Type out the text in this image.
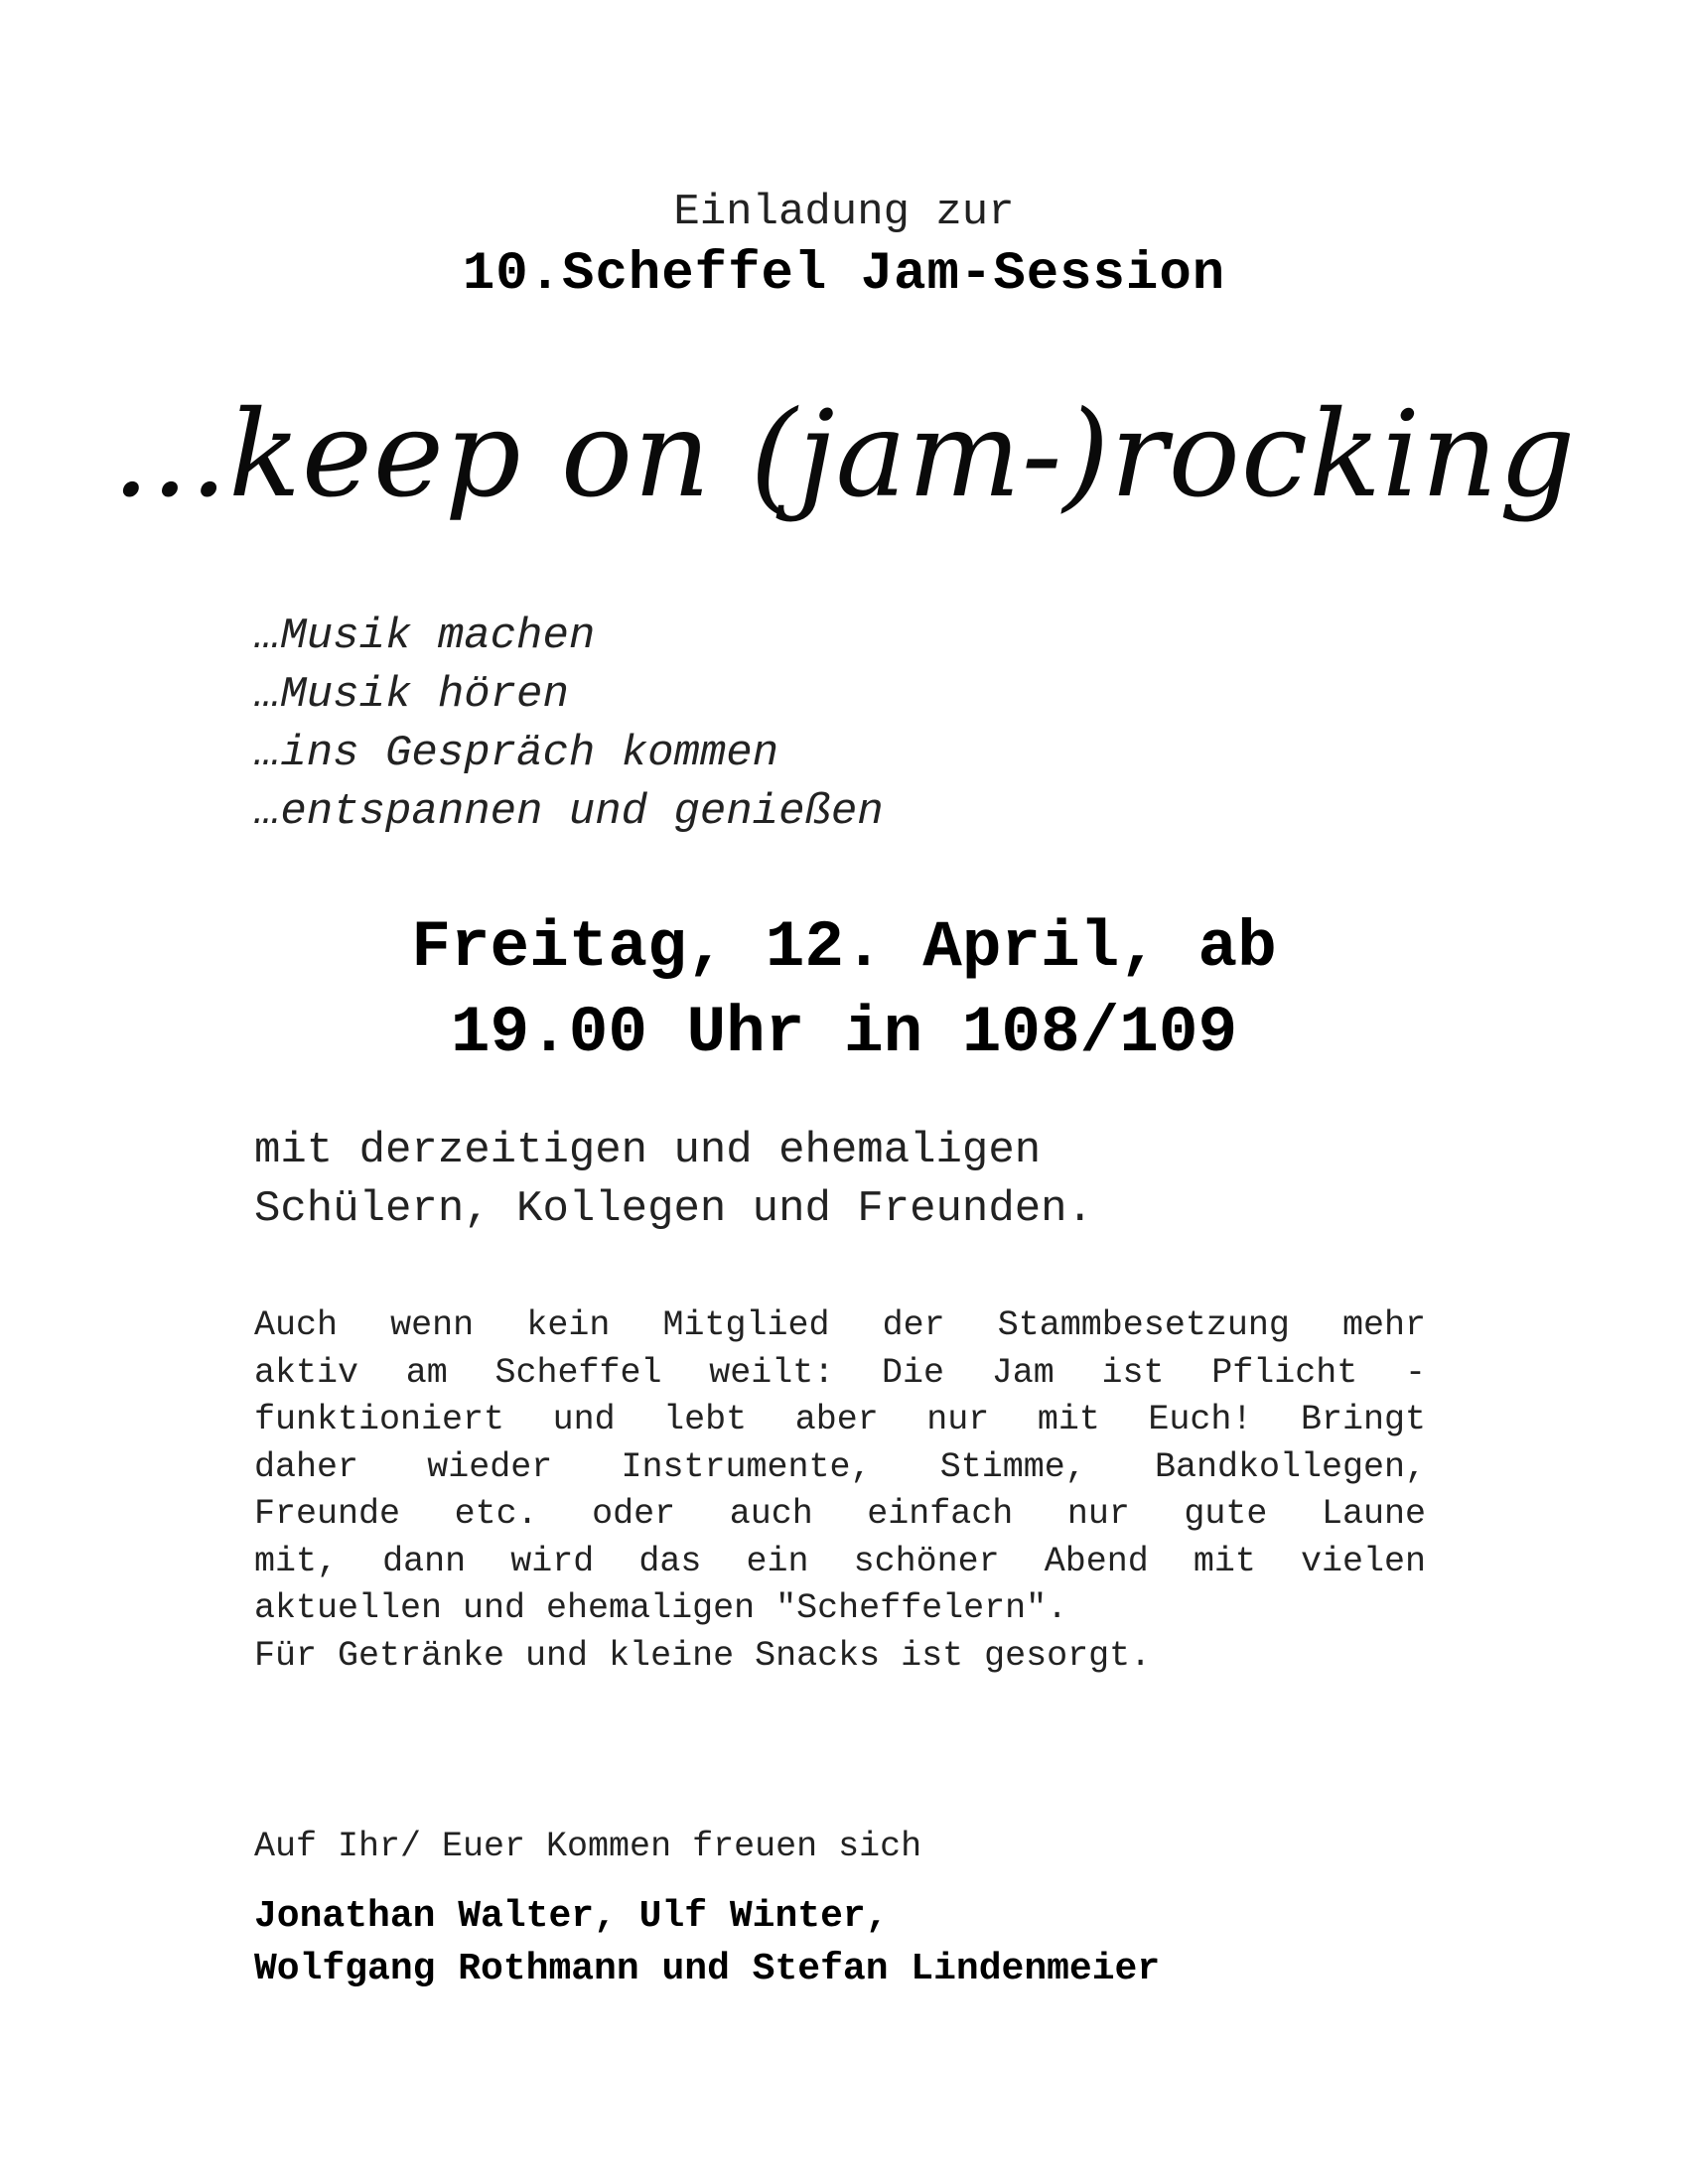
Einladung zur
10.Scheffel Jam-Session
...keep on (jam-)rocking
…Musik machen
…Musik hören
…ins Gespräch kommen
…entspannen und genießen
Freitag, 12. April, ab
19.00 Uhr in 108/109
mit derzeitigen und ehemaligen
Schülern, Kollegen und Freunden.
Auch wenn kein Mitglied der Stammbesetzung mehr
aktiv am Scheffel weilt: Die Jam ist Pflicht -
funktioniert und lebt aber nur mit Euch! Bringt
daher wieder Instrumente, Stimme, Bandkollegen,
Freunde etc. oder auch einfach nur gute Laune
mit, dann wird das ein schöner Abend mit vielen
aktuellen und ehemaligen "Scheffelern".
Für Getränke und kleine Snacks ist gesorgt.
Auf Ihr/ Euer Kommen freuen sich
Jonathan Walter, Ulf Winter,
Wolfgang Rothmann und Stefan Lindenmeier
